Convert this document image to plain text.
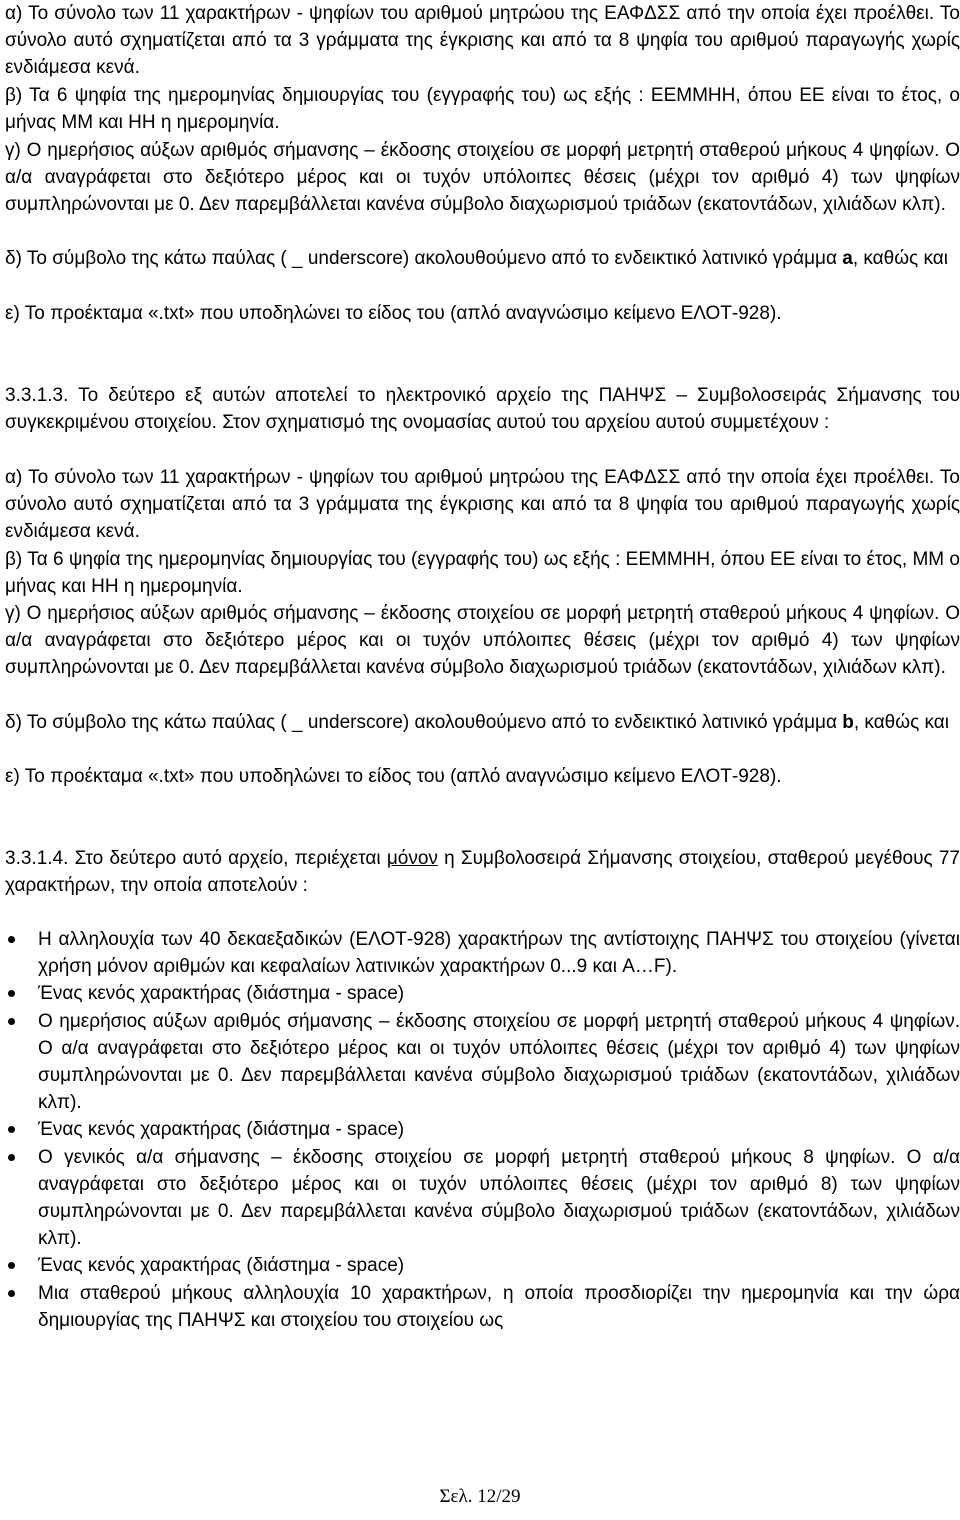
α) Το σύνολο των 11 χαρακτήρων - ψηφίων του αριθμού μητρώου της ΕΑΦΔΣΣ από την οποία έχει προέλθει. Το σύνολο αυτό σχηματίζεται από τα 3 γράμματα της έγκρισης και από τα 8 ψηφία του αριθμού παραγωγής χωρίς ενδιάμεσα κενά.

β) Τα 6 ψηφία της ημερομηνίας δημιουργίας του (εγγραφής του) ως εξής : ΕΕΜΜΗΗ, όπου ΕΕ είναι το έτος, ο μήνας ΜΜ και ΗΗ η ημερομηνία.

γ) Ο ημερήσιος αύξων αριθμός σήμανσης – έκδοσης στοιχείου σε μορφή μετρητή σταθερού μήκους 4 ψηφίων. Ο α/α αναγράφεται στο δεξιότερο μέρος και οι τυχόν υπόλοιπες θέσεις (μέχρι τον αριθμό 4) των ψηφίων συμπληρώνονται με 0. Δεν παρεμβάλλεται κανένα σύμβολο διαχωρισμού τριάδων (εκατοντάδων, χιλιάδων κλπ).

δ) Το σύμβολο της κάτω παύλας ( _ underscore) ακολουθούμενο από το ενδεικτικό λατινικό γράμμα a, καθώς και

ε) Το προέκταμα «.txt» που υποδηλώνει το είδος του (απλό αναγνώσιμο κείμενο ΕΛΟΤ-928).

3.3.1.3. Το δεύτερο εξ αυτών αποτελεί το ηλεκτρονικό αρχείο της ΠΑΗΨΣ – Συμβολοσειράς Σήμανσης του συγκεκριμένου στοιχείου. Στον σχηματισμό της ονομασίας αυτού του αρχείου αυτού συμμετέχουν :

α) Το σύνολο των 11 χαρακτήρων - ψηφίων του αριθμού μητρώου της ΕΑΦΔΣΣ από την οποία έχει προέλθει. Το σύνολο αυτό σχηματίζεται από τα 3 γράμματα της έγκρισης και από τα 8 ψηφία του αριθμού παραγωγής χωρίς ενδιάμεσα κενά.

β) Τα 6 ψηφία της ημερομηνίας δημιουργίας του (εγγραφής του) ως εξής : ΕΕΜΜΗΗ, όπου ΕΕ είναι το έτος, ΜΜ ο μήνας και ΗΗ η ημερομηνία.

γ) Ο ημερήσιος αύξων αριθμός σήμανσης – έκδοσης στοιχείου σε μορφή μετρητή σταθερού μήκους 4 ψηφίων. Ο α/α αναγράφεται στο δεξιότερο μέρος και οι τυχόν υπόλοιπες θέσεις (μέχρι τον αριθμό 4) των ψηφίων συμπληρώνονται με 0. Δεν παρεμβάλλεται κανένα σύμβολο διαχωρισμού τριάδων (εκατοντάδων, χιλιάδων κλπ).

δ) Το σύμβολο της κάτω παύλας ( _ underscore) ακολουθούμενο από το ενδεικτικό λατινικό γράμμα b, καθώς και

ε) Το προέκταμα «.txt» που υποδηλώνει το είδος του (απλό αναγνώσιμο κείμενο ΕΛΟΤ-928).

3.3.1.4. Στο δεύτερο αυτό αρχείο, περιέχεται μόνον η Συμβολοσειρά Σήμανσης στοιχείου, σταθερού μεγέθους 77 χαρακτήρων, την οποία αποτελούν :

Η αλληλουχία των 40 δεκαεξαδικών (ΕΛΟΤ-928) χαρακτήρων της αντίστοιχης ΠΑΗΨΣ του στοιχείου (γίνεται χρήση μόνον αριθμών και κεφαλαίων λατινικών χαρακτήρων 0...9 και A…F).
Ένας κενός χαρακτήρας (διάστημα - space)
Ο ημερήσιος αύξων αριθμός σήμανσης – έκδοσης στοιχείου σε μορφή μετρητή σταθερού μήκους 4 ψηφίων. Ο α/α αναγράφεται στο δεξιότερο μέρος και οι τυχόν υπόλοιπες θέσεις (μέχρι τον αριθμό 4) των ψηφίων συμπληρώνονται με 0. Δεν παρεμβάλλεται κανένα σύμβολο διαχωρισμού τριάδων (εκατοντάδων, χιλιάδων κλπ).
Ένας κενός χαρακτήρας (διάστημα - space)
Ο γενικός α/α σήμανσης – έκδοσης στοιχείου σε μορφή μετρητή σταθερού μήκους 8 ψηφίων. Ο α/α αναγράφεται στο δεξιότερο μέρος και οι τυχόν υπόλοιπες θέσεις (μέχρι τον αριθμό 8) των ψηφίων συμπληρώνονται με 0. Δεν παρεμβάλλεται κανένα σύμβολο διαχωρισμού τριάδων (εκατοντάδων, χιλιάδων κλπ).
Ένας κενός χαρακτήρας (διάστημα - space)
Μια σταθερού μήκους αλληλουχία 10 χαρακτήρων, η οποία προσδιορίζει την ημερομηνία και την ώρα δημιουργίας της ΠΑΗΨΣ και στοιχείου του στοιχείου ως
Σελ. 12/29
